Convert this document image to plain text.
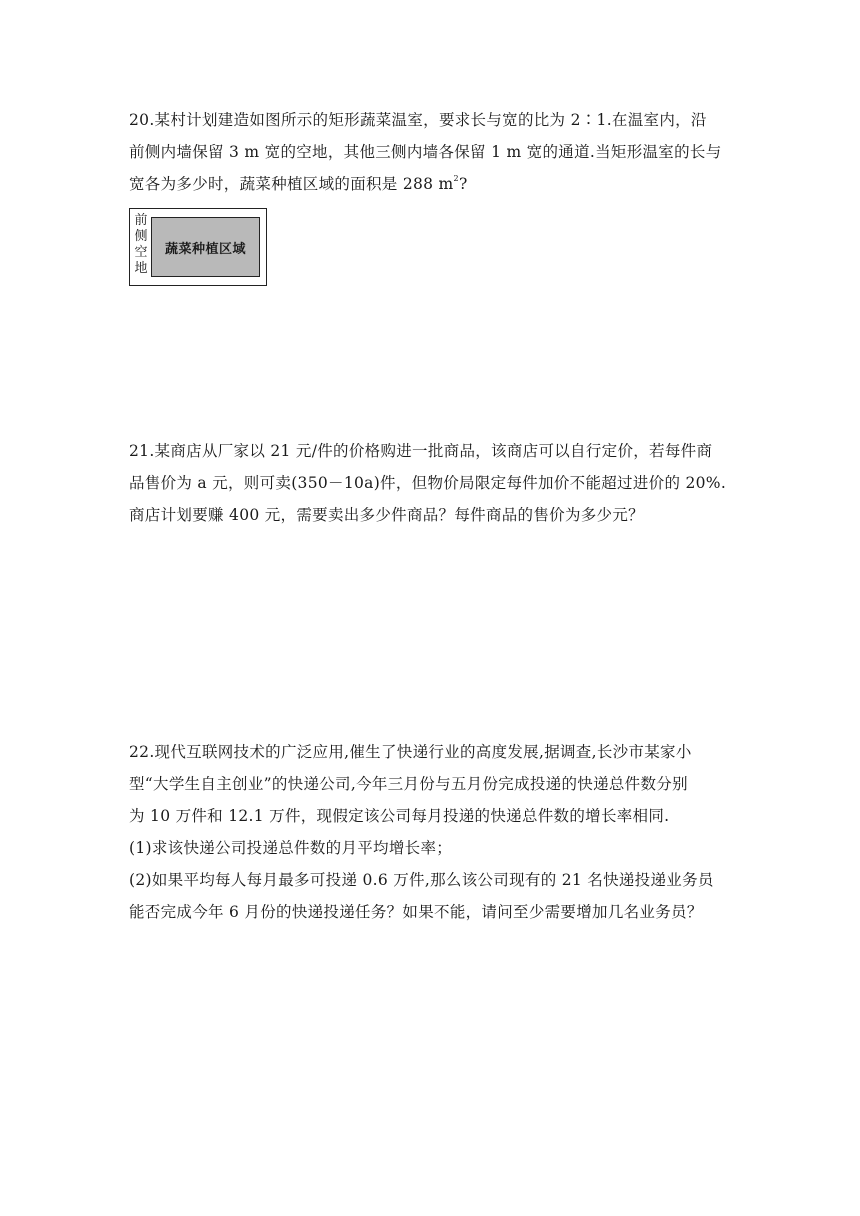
20.某村计划建造如图所示的矩形蔬菜温室，要求长与宽的比为 2∶1.在温室内，沿
前侧内墙保留 3 m 宽的空地，其他三侧内墙各保留 1 m 宽的通道.当矩形温室的长与
宽各为多少时，蔬菜种植区域的面积是 288 $m^2$?

前
侧
空
地
蔬菜种植区域

21.某商店从厂家以 21 元/件的价格购进一批商品，该商店可以自行定价，若每件商
品售价为 a 元，则可卖(350－10a)件，但物价局限定每件加价不能超过进价的 20%.
商店计划要赚 400 元，需要卖出多少件商品？每件商品的售价为多少元？

22.现代互联网技术的广泛应用,催生了快递行业的高度发展,据调查,长沙市某家小
型“大学生自主创业”的快递公司,今年三月份与五月份完成投递的快递总件数分别
为 10 万件和 12.1 万件，现假定该公司每月投递的快递总件数的增长率相同.
(1)求该快递公司投递总件数的月平均增长率；
(2)如果平均每人每月最多可投递 0.6 万件,那么该公司现有的 21 名快递投递业务员
能否完成今年 6 月份的快递投递任务？如果不能，请问至少需要增加几名业务员？
